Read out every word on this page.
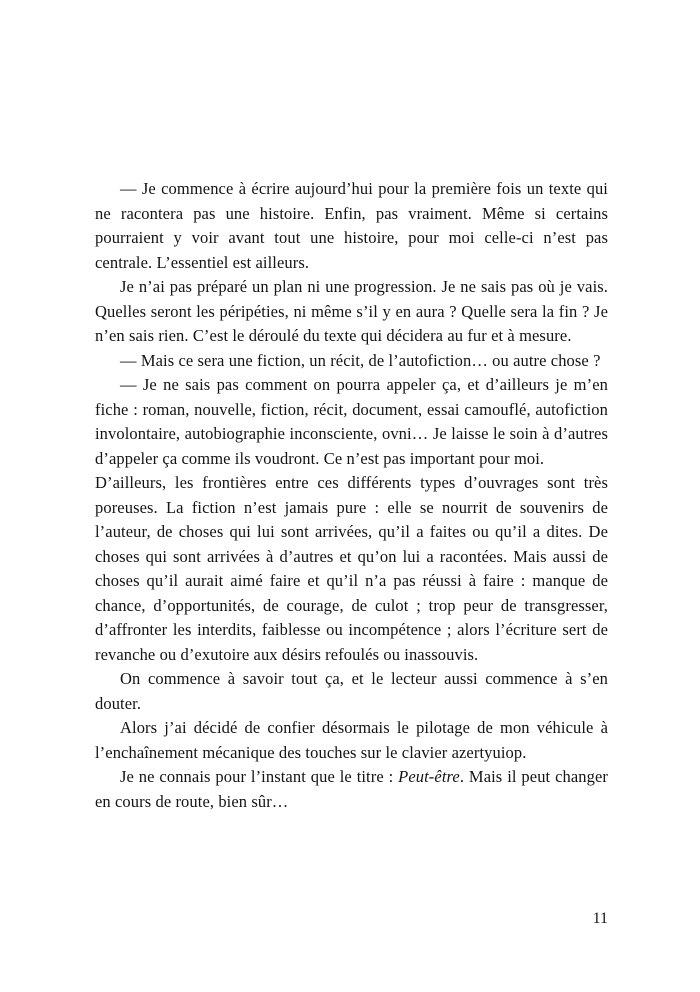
— Je commence à écrire aujourd’hui pour la première fois un texte qui ne racontera pas une histoire. Enfin, pas vraiment. Même si certains pourraient y voir avant tout une histoire, pour moi celle-ci n’est pas centrale. L’essentiel est ailleurs.

Je n’ai pas préparé un plan ni une progression. Je ne sais pas où je vais. Quelles seront les péripéties, ni même s’il y en aura ? Quelle sera la fin ? Je n’en sais rien. C’est le déroulé du texte qui décidera au fur et à mesure.

— Mais ce sera une fiction, un récit, de l’autofiction… ou autre chose ?

— Je ne sais pas comment on pourra appeler ça, et d’ailleurs je m’en fiche : roman, nouvelle, fiction, récit, document, essai camouflé, autofiction involontaire, autobiographie inconsciente, ovni… Je laisse le soin à d’autres d’appeler ça comme ils voudront. Ce n’est pas important pour moi.

D’ailleurs, les frontières entre ces différents types d’ouvrages sont très poreuses. La fiction n’est jamais pure : elle se nourrit de souvenirs de l’auteur, de choses qui lui sont arrivées, qu’il a faites ou qu’il a dites. De choses qui sont arrivées à d’autres et qu’on lui a racontées. Mais aussi de choses qu’il aurait aimé faire et qu’il n’a pas réussi à faire : manque de chance, d’opportunités, de courage, de culot ; trop peur de transgresser, d’affronter les interdits, faiblesse ou incompétence ; alors l’écriture sert de revanche ou d’exutoire aux désirs refoulés ou inassouvis.

On commence à savoir tout ça, et le lecteur aussi commence à s’en douter.

Alors j’ai décidé de confier désormais le pilotage de mon véhicule à l’enchaînement mécanique des touches sur le clavier azertyuiop.

Je ne connais pour l’instant que le titre : Peut-être. Mais il peut changer en cours de route, bien sûr…

11
